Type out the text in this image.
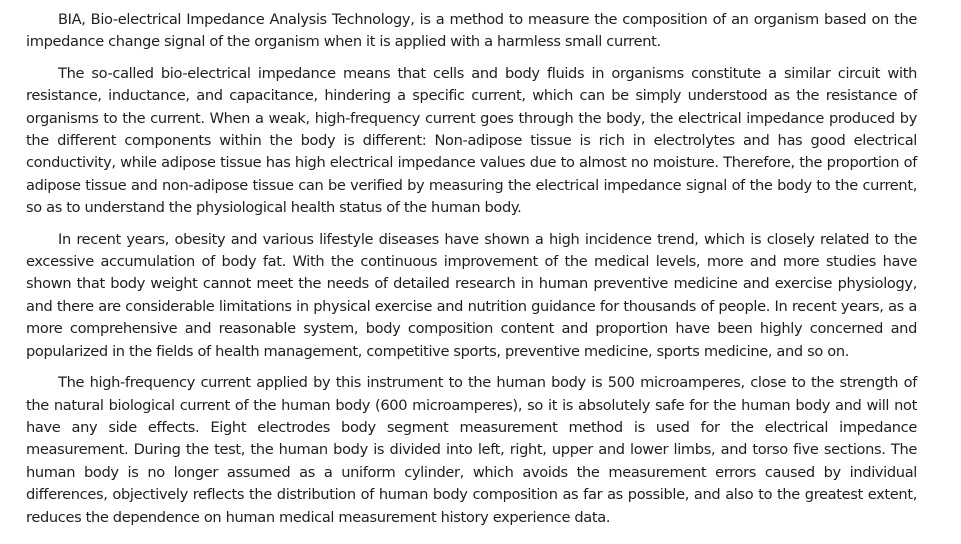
BIA, Bio-electrical Impedance Analysis Technology, is a method to measure the composition of an organism based on the impedance change signal of the organism when it is applied with a harmless small current.

The so-called bio-electrical impedance means that cells and body fluids in organisms constitute a similar circuit with resistance, inductance, and capacitance, hindering a specific current, which can be simply understood as the resistance of organisms to the current. When a weak, high-frequency current goes through the body, the electrical impedance produced by the different components within the body is different: Non-adipose tissue is rich in electrolytes and has good electrical conductivity, while adipose tissue has high electrical impedance values due to almost no moisture. Therefore, the proportion of adipose tissue and non-adipose tissue can be verified by measuring the electrical impedance signal of the body to the current, so as to understand the physiological health status of the human body.

In recent years, obesity and various lifestyle diseases have shown a high incidence trend, which is closely related to the excessive accumulation of body fat. With the continuous improvement of the medical levels, more and more studies have shown that body weight cannot meet the needs of detailed research in human preventive medicine and exercise physiology, and there are considerable limitations in physical exercise and nutrition guidance for thousands of people. In recent years, as a more comprehensive and reasonable system, body composition content and proportion have been highly concerned and popularized in the fields of health management, competitive sports, preventive medicine, sports medicine, and so on.

The high-frequency current applied by this instrument to the human body is 500 microamperes, close to the strength of the natural biological current of the human body (600 microamperes), so it is absolutely safe for the human body and will not have any side effects. Eight electrodes body segment measurement method is used for the electrical impedance measurement. During the test, the human body is divided into left, right, upper and lower limbs, and torso five sections. The human body is no longer assumed as a uniform cylinder, which avoids the measurement errors caused by individual differences, objectively reflects the distribution of human body composition as far as possible, and also to the greatest extent, reduces the dependence on human medical measurement history experience data.
